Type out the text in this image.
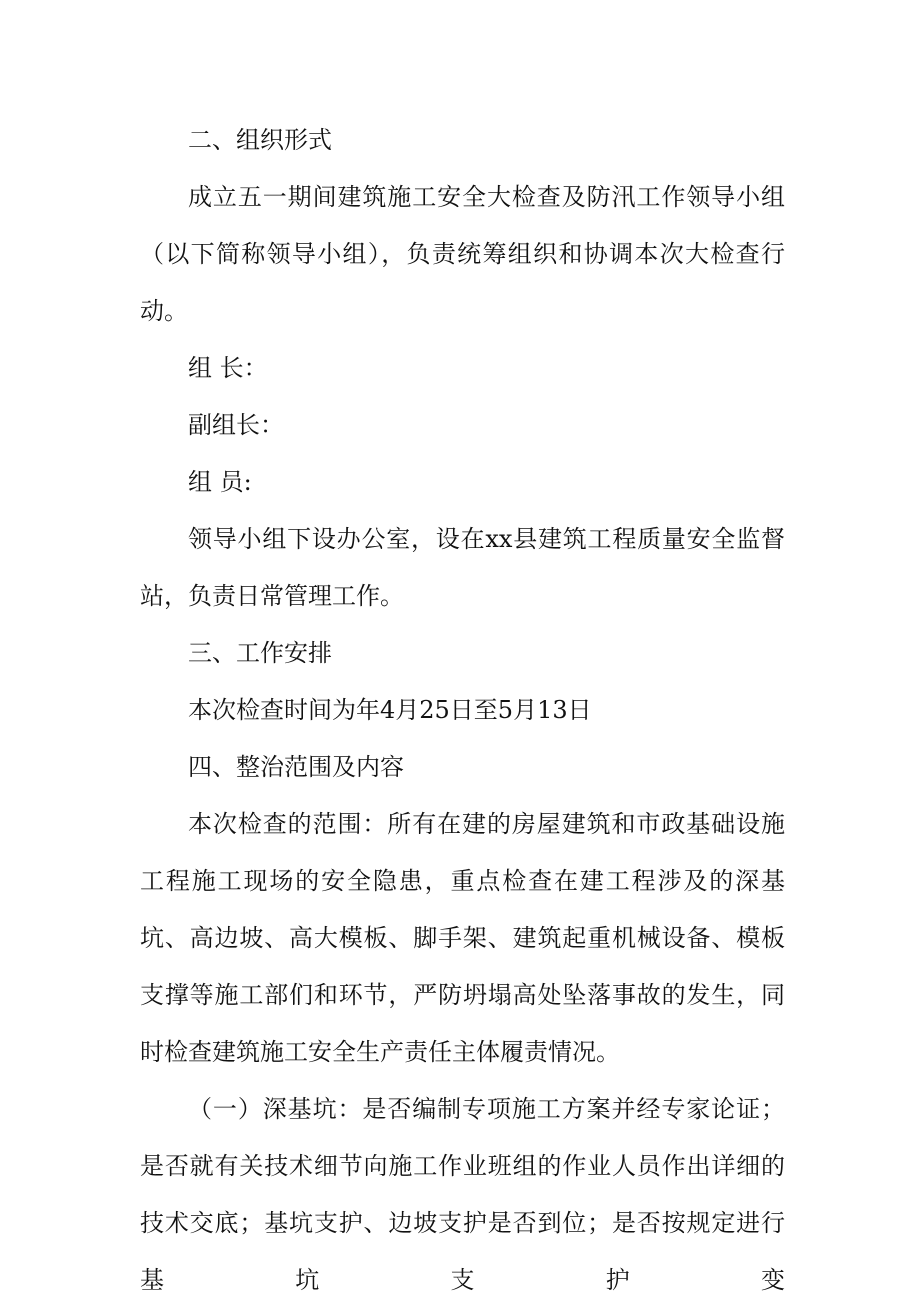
二、组织形式

成立五一期间建筑施工安全大检查及防汛工作领导小组（以下简称领导小组），负责统筹组织和协调本次大检查行动。

组 长：

副组长：

组 员:

领导小组下设办公室，设在xx县建筑工程质量安全监督站，负责日常管理工作。

三、工作安排

本次检查时间为年4月25日至5月13日

四、整治范围及内容

本次检查的范围：所有在建的房屋建筑和市政基础设施工程施工现场的安全隐患，重点检查在建工程涉及的深基坑、高边坡、高大模板、脚手架、建筑起重机械设备、模板支撑等施工部们和环节，严防坍塌高处坠落事故的发生，同时检查建筑施工安全生产责任主体履责情况。

（一）深基坑：是否编制专项施工方案并经专家论证；是否就有关技术细节向施工作业班组的作业人员作出详细的技术交底；基坑支护、边坡支护是否到位；是否按规定进行基坑支护变
